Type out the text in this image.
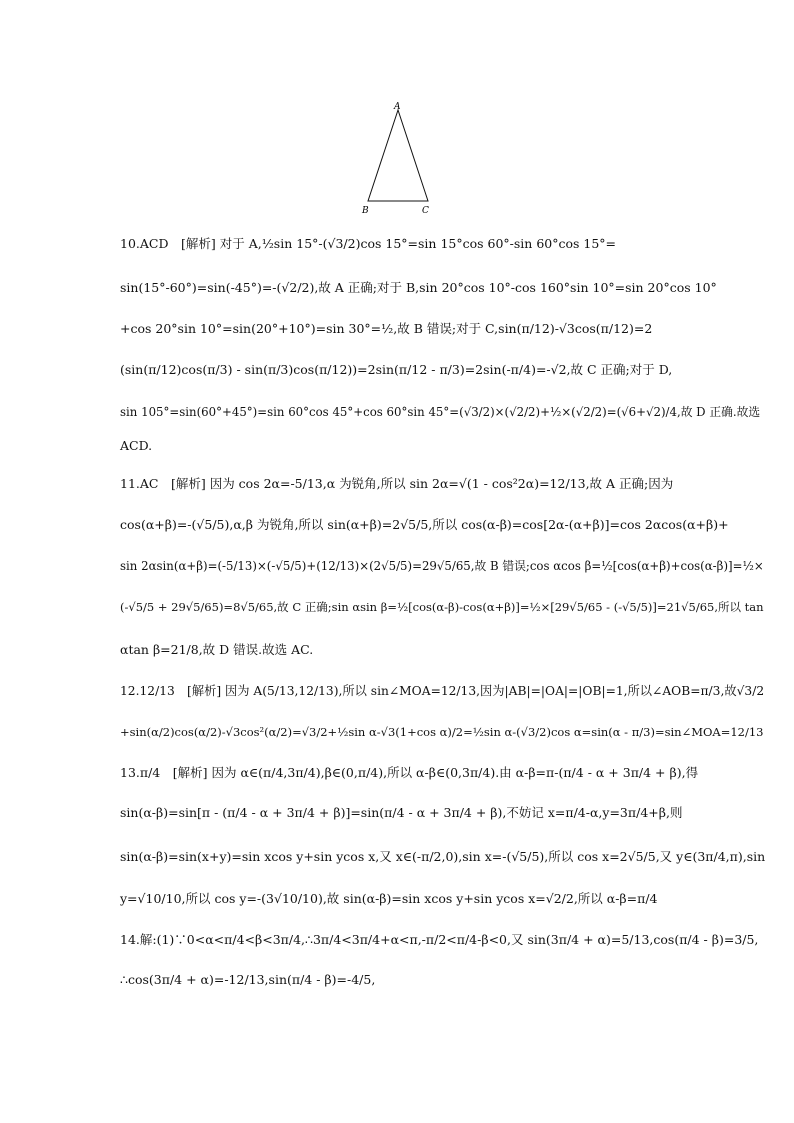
A
B	C
10.ACD　[解析] 对于 A,½sin 15°-(√3/2)cos 15°=sin 15°cos 60°-sin 60°cos 15°=
sin(15°-60°)=sin(-45°)=-(√2/2),故 A 正确;对于 B,sin 20°cos 10°-cos 160°sin 10°=sin 20°cos 10°
+cos 20°sin 10°=sin(20°+10°)=sin 30°=½,故 B 错误;对于 C,sin(π/12)-√3cos(π/12)=2
(sin(π/12)cos(π/3) - sin(π/3)cos(π/12))=2sin(π/12 - π/3)=2sin(-π/4)=-√2,故 C 正确;对于 D,
sin 105°=sin(60°+45°)=sin 60°cos 45°+cos 60°sin 45°=(√3/2)×(√2/2)+½×(√2/2)=(√6+√2)/4,故 D 正确.故选
ACD.
11.AC　[解析] 因为 cos 2α=-5/13,α 为锐角,所以 sin 2α=√(1 - cos²2α)=12/13,故 A 正确;因为
cos(α+β)=-(√5/5),α,β 为锐角,所以 sin(α+β)=2√5/5,所以 cos(α-β)=cos[2α-(α+β)]=cos 2αcos(α+β)+
sin 2αsin(α+β)=(-5/13)×(-√5/5)+(12/13)×(2√5/5)=29√5/65,故 B 错误;cos αcos β=½[cos(α+β)+cos(α-β)]=½×
(-√5/5 + 29√5/65)=8√5/65,故 C 正确;sin αsin β=½[cos(α-β)-cos(α+β)]=½×[29√5/65 - (-√5/5)]=21√5/65,所以 tan
αtan β=21/8,故 D 错误.故选 AC.
12.12/13　[解析] 因为 A(5/13,12/13),所以 sin∠MOA=12/13,因为|AB|=|OA|=|OB|=1,所以∠AOB=π/3,故√3/2
+sin(α/2)cos(α/2)-√3cos²(α/2)=√3/2+½sin α-√3(1+cos α)/2=½sin α-(√3/2)cos α=sin(α - π/3)=sin∠MOA=12/13
13.π/4　[解析] 因为 α∈(π/4,3π/4),β∈(0,π/4),所以 α-β∈(0,3π/4).由 α-β=π-(π/4 - α + 3π/4 + β),得
sin(α-β)=sin[π - (π/4 - α + 3π/4 + β)]=sin(π/4 - α + 3π/4 + β),不妨记 x=π/4-α,y=3π/4+β,则
sin(α-β)=sin(x+y)=sin xcos y+sin ycos x,又 x∈(-π/2,0),sin x=-(√5/5),所以 cos x=2√5/5,又 y∈(3π/4,π),sin
y=√10/10,所以 cos y=-(3√10/10),故 sin(α-β)=sin xcos y+sin ycos x=√2/2,所以 α-β=π/4
14.解:(1)∵0<α<π/4<β<3π/4,∴3π/4<3π/4+α<π,-π/2<π/4-β<0,又 sin(3π/4 + α)=5/13,cos(π/4 - β)=3/5,
∴cos(3π/4 + α)=-12/13,sin(π/4 - β)=-4/5,
